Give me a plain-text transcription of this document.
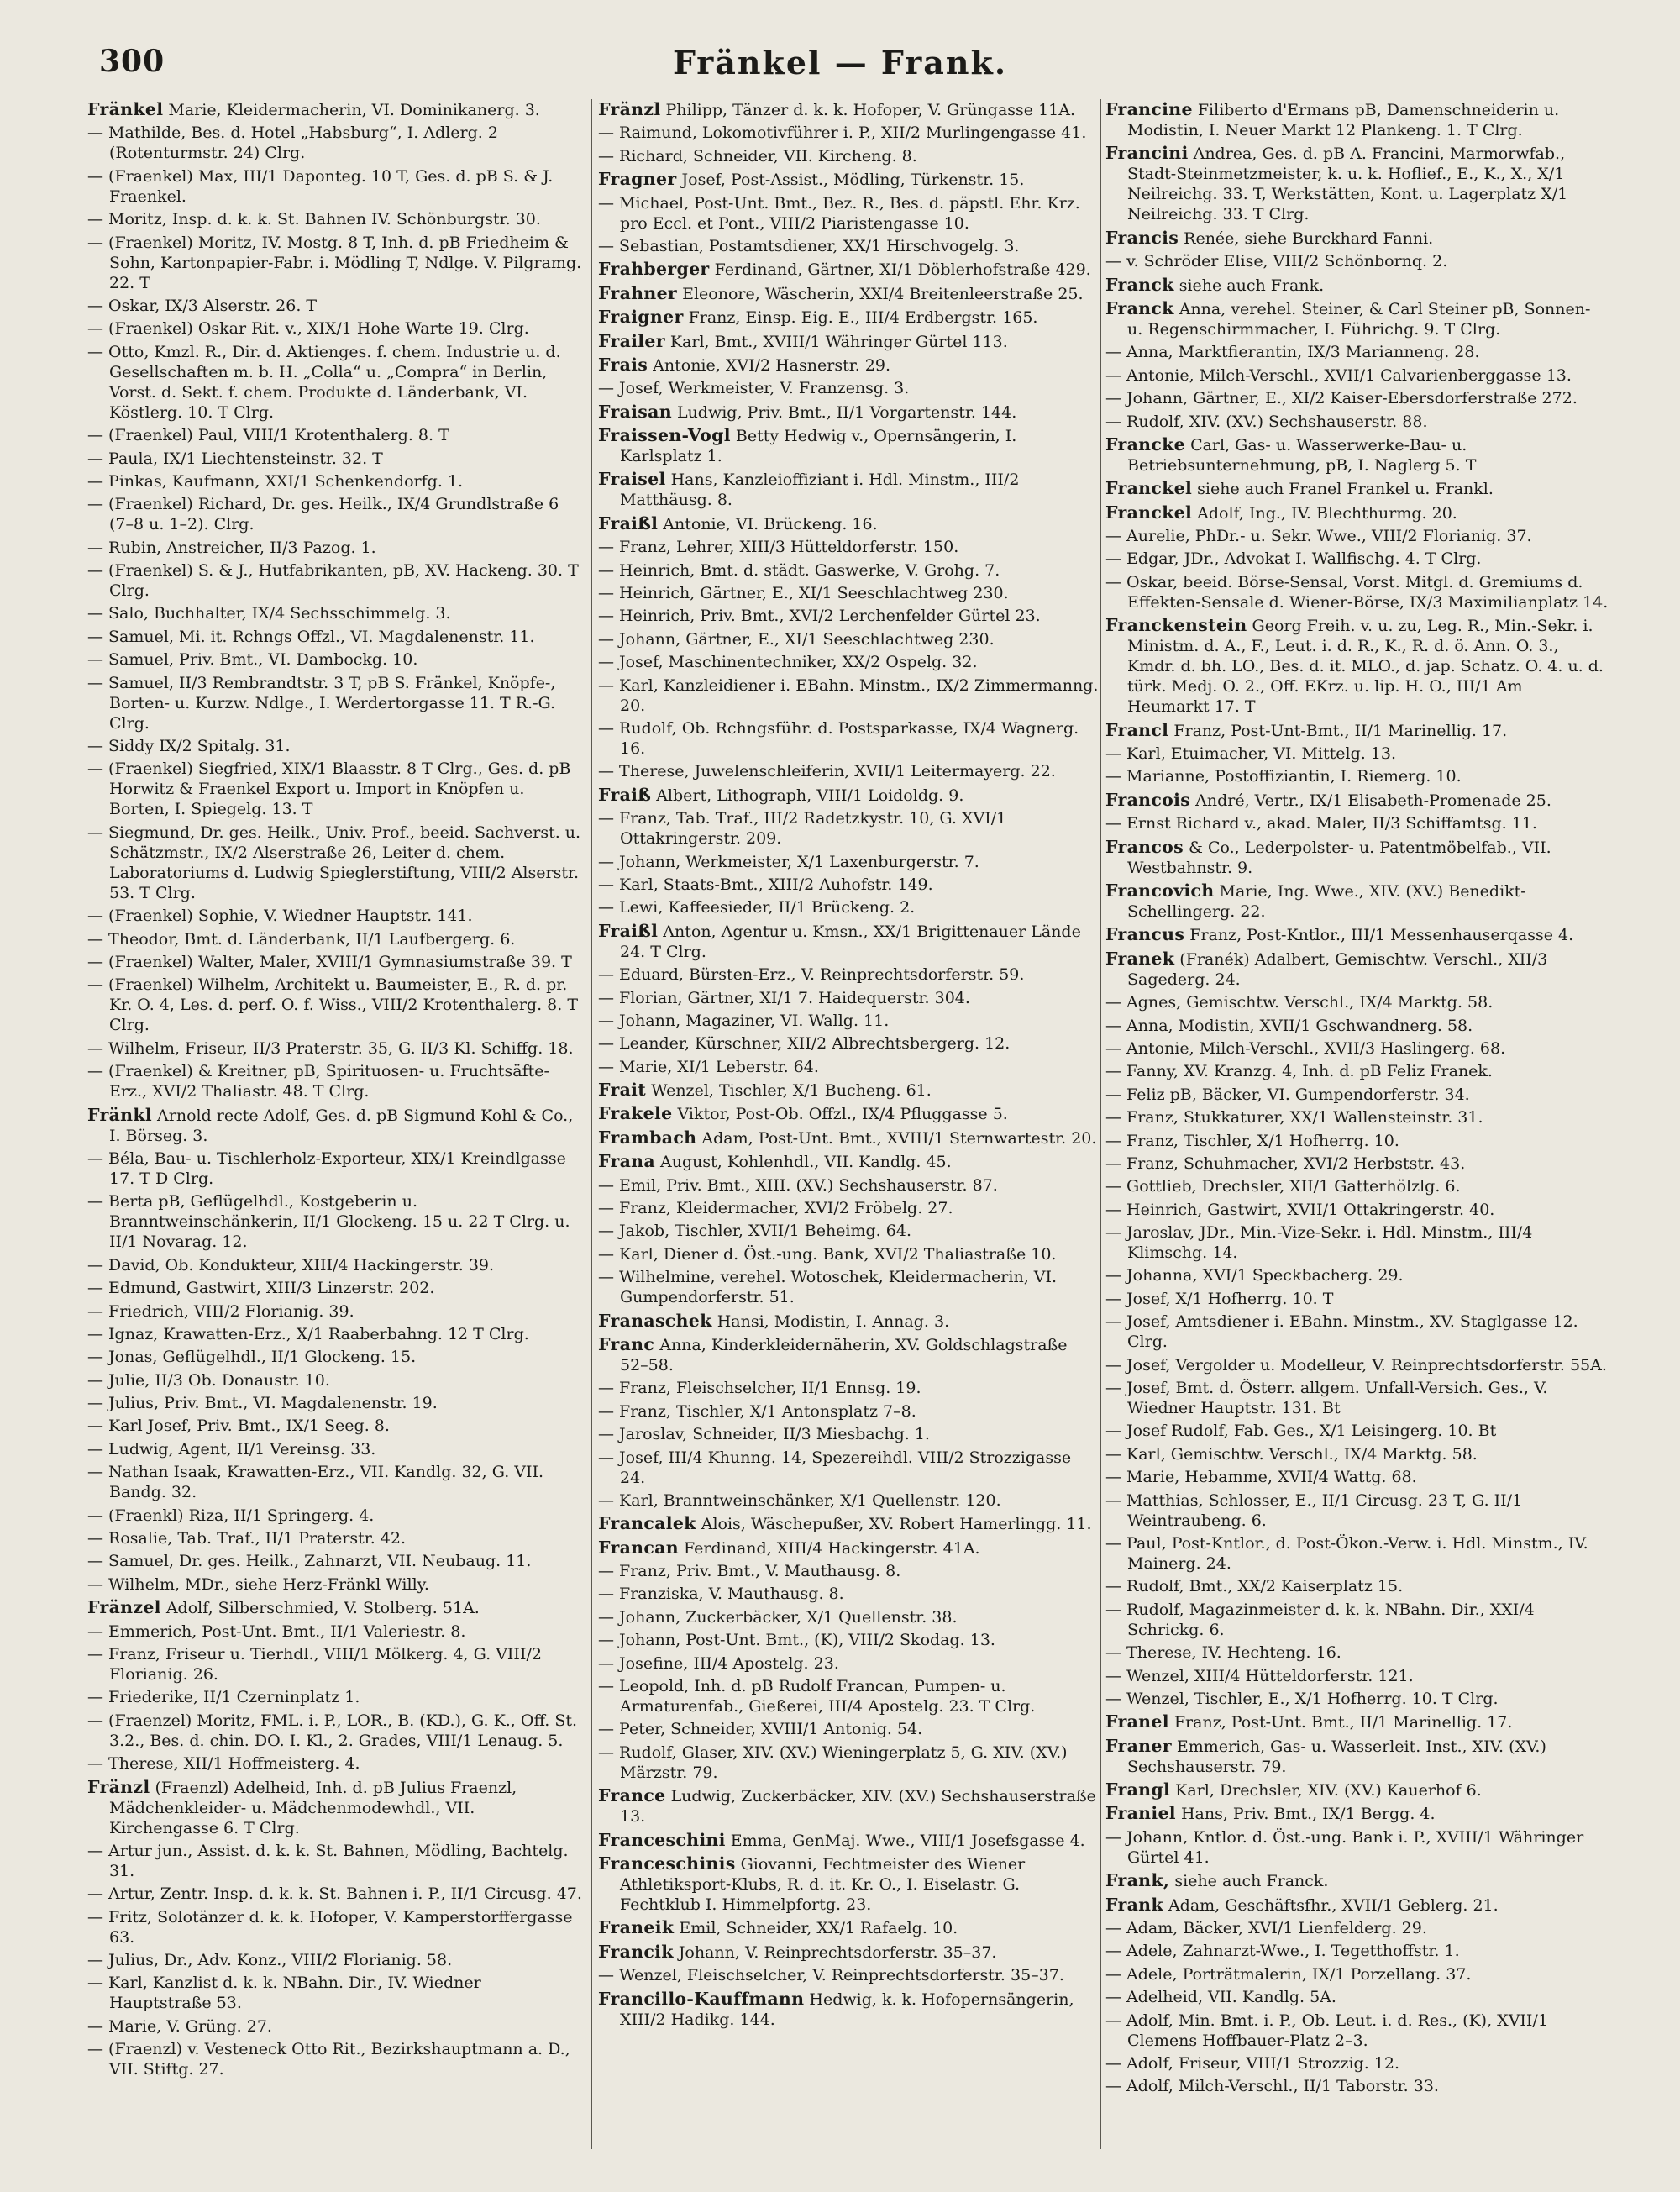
300	Fränkel — Frank.
Fränkel Marie, Kleidermacherin, VI. Dominikanerg. 3.
— Mathilde, Bes. d. Hotel „Habsburg“, I. Adlerg. 2 (Rotenturmstr. 24) Clrg.
— (Fraenkel) Max, III/1 Daponteg. 10 T, Ges. d. pB S. & J. Fraenkel.
— Moritz, Insp. d. k. k. St. Bahnen IV. Schönburgstr. 30.
— (Fraenkel) Moritz, IV. Mostg. 8 T, Inh. d. pB Friedheim & Sohn, Kartonpapier-Fabr. i. Mödling T, Ndlge. V. Pilgramg. 22. T
— Oskar, IX/3 Alserstr. 26. T
— (Fraenkel) Oskar Rit. v., XIX/1 Hohe Warte 19. Clrg.
— Otto, Kmzl. R., Dir. d. Aktienges. f. chem. Industrie u. d. Gesellschaften m. b. H. „Colla“ u. „Compra“ in Berlin, Vorst. d. Sekt. f. chem. Produkte d. Länderbank, VI. Köstlerg. 10. T Clrg.
— (Fraenkel) Paul, VIII/1 Krotenthalerg. 8. T
— Paula, IX/1 Liechtensteinstr. 32. T
— Pinkas, Kaufmann, XXI/1 Schenkendorfg. 1.
— (Fraenkel) Richard, Dr. ges. Heilk., IX/4 Grundlstraße 6 (7–8 u. 1–2). Clrg.
— Rubin, Anstreicher, II/3 Pazog. 1.
— (Fraenkel) S. & J., Hutfabrikanten, pB, XV. Hackeng. 30. T Clrg.
— Salo, Buchhalter, IX/4 Sechsschimmelg. 3.
— Samuel, Mi. it. Rchngs Offzl., VI. Magdalenenstr. 11.
— Samuel, Priv. Bmt., VI. Dambockg. 10.
— Samuel, II/3 Rembrandtstr. 3 T, pB S. Fränkel, Knöpfe-, Borten- u. Kurzw. Ndlge., I. Werdertorgasse 11. T R.-G. Clrg.
— Siddy IX/2 Spitalg. 31.
— (Fraenkel) Siegfried, XIX/1 Blaasstr. 8 T Clrg., Ges. d. pB Horwitz & Fraenkel Export u. Import in Knöpfen u. Borten, I. Spiegelg. 13. T
— Siegmund, Dr. ges. Heilk., Univ. Prof., beeid. Sachverst. u. Schätzmstr., IX/2 Alserstraße 26, Leiter d. chem. Laboratoriums d. Ludwig Spieglerstiftung, VIII/2 Alserstr. 53. T Clrg.
— (Fraenkel) Sophie, V. Wiedner Hauptstr. 141.
— Theodor, Bmt. d. Länderbank, II/1 Laufbergerg. 6.
— (Fraenkel) Walter, Maler, XVIII/1 Gymnasiumstraße 39. T
— (Fraenkel) Wilhelm, Architekt u. Baumeister, E., R. d. pr. Kr. O. 4, Les. d. perf. O. f. Wiss., VIII/2 Krotenthalerg. 8. T Clrg.
— Wilhelm, Friseur, II/3 Praterstr. 35, G. II/3 Kl. Schiffg. 18.
— (Fraenkel) & Kreitner, pB, Spirituosen- u. Fruchtsäfte-Erz., XVI/2 Thaliastr. 48. T Clrg.
Fränkl Arnold recte Adolf, Ges. d. pB Sigmund Kohl & Co., I. Börseg. 3.
— Béla, Bau- u. Tischlerholz-Exporteur, XIX/1 Kreindlgasse 17. T D Clrg.
— Berta pB, Geflügelhdl., Kostgeberin u. Branntweinschänkerin, II/1 Glockeng. 15 u. 22 T Clrg. u. II/1 Novarag. 12.
— David, Ob. Kondukteur, XIII/4 Hackingerstr. 39.
— Edmund, Gastwirt, XIII/3 Linzerstr. 202.
— Friedrich, VIII/2 Florianig. 39.
— Ignaz, Krawatten-Erz., X/1 Raaberbahng. 12 T Clrg.
— Jonas, Geflügelhdl., II/1 Glockeng. 15.
— Julie, II/3 Ob. Donaustr. 10.
— Julius, Priv. Bmt., VI. Magdalenenstr. 19.
— Karl Josef, Priv. Bmt., IX/1 Seeg. 8.
— Ludwig, Agent, II/1 Vereinsg. 33.
— Nathan Isaak, Krawatten-Erz., VII. Kandlg. 32, G. VII. Bandg. 32.
— (Fraenkl) Riza, II/1 Springerg. 4.
— Rosalie, Tab. Traf., II/1 Praterstr. 42.
— Samuel, Dr. ges. Heilk., Zahnarzt, VII. Neubaug. 11.
— Wilhelm, MDr., siehe Herz-Fränkl Willy.
Fränzel Adolf, Silberschmied, V. Stolberg. 51A.
— Emmerich, Post-Unt. Bmt., II/1 Valeriestr. 8.
— Franz, Friseur u. Tierhdl., VIII/1 Mölkerg. 4, G. VIII/2 Florianig. 26.
— Friederike, II/1 Czerninplatz 1.
— (Fraenzel) Moritz, FML. i. P., LOR., B. (KD.), G. K., Off. St. 3.2., Bes. d. chin. DO. I. Kl., 2. Grades, VIII/1 Lenaug. 5.
— Therese, XII/1 Hoffmeisterg. 4.
Fränzl (Fraenzl) Adelheid, Inh. d. pB Julius Fraenzl, Mädchenkleider- u. Mädchenmodewhdl., VII. Kirchengasse 6. T Clrg.
— Artur jun., Assist. d. k. k. St. Bahnen, Mödling, Bachtelg. 31.
— Artur, Zentr. Insp. d. k. k. St. Bahnen i. P., II/1 Circusg. 47.
— Fritz, Solotänzer d. k. k. Hofoper, V. Kamperstorffergasse 63.
— Julius, Dr., Adv. Konz., VIII/2 Florianig. 58.
— Karl, Kanzlist d. k. k. NBahn. Dir., IV. Wiedner Hauptstraße 53.
— Marie, V. Grüng. 27.
— (Fraenzl) v. Vesteneck Otto Rit., Bezirkshauptmann a. D., VII. Stiftg. 27.
Fränzl Philipp, Tänzer d. k. k. Hofoper, V. Grüngasse 11A.
— Raimund, Lokomotivführer i. P., XII/2 Murlingengasse 41.
— Richard, Schneider, VII. Kircheng. 8.
Fragner Josef, Post-Assist., Mödling, Türkenstr. 15.
— Michael, Post-Unt. Bmt., Bez. R., Bes. d. päpstl. Ehr. Krz. pro Eccl. et Pont., VIII/2 Piaristengasse 10.
— Sebastian, Postamtsdiener, XX/1 Hirschvogelg. 3.
Frahberger Ferdinand, Gärtner, XI/1 Döblerhofstraße 429.
Frahner Eleonore, Wäscherin, XXI/4 Breitenleerstraße 25.
Fraigner Franz, Einsp. Eig. E., III/4 Erdbergstr. 165.
Frailer Karl, Bmt., XVIII/1 Währinger Gürtel 113.
Frais Antonie, XVI/2 Hasnerstr. 29.
— Josef, Werkmeister, V. Franzensg. 3.
Fraisan Ludwig, Priv. Bmt., II/1 Vorgartenstr. 144.
Fraissen-Vogl Betty Hedwig v., Opernsängerin, I. Karlsplatz 1.
Fraisel Hans, Kanzleioffiziant i. Hdl. Minstm., III/2 Matthäusg. 8.
Fraißl Antonie, VI. Brückeng. 16.
— Franz, Lehrer, XIII/3 Hütteldorferstr. 150.
— Heinrich, Bmt. d. städt. Gaswerke, V. Grohg. 7.
— Heinrich, Gärtner, E., XI/1 Seeschlachtweg 230.
— Heinrich, Priv. Bmt., XVI/2 Lerchenfelder Gürtel 23.
— Johann, Gärtner, E., XI/1 Seeschlachtweg 230.
— Josef, Maschinentechniker, XX/2 Ospelg. 32.
— Karl, Kanzleidiener i. EBahn. Minstm., IX/2 Zimmermanng. 20.
— Rudolf, Ob. Rchngsführ. d. Postsparkasse, IX/4 Wagnerg. 16.
— Therese, Juwelenschleiferin, XVII/1 Leitermayerg. 22.
Fraiß Albert, Lithograph, VIII/1 Loidoldg. 9.
— Franz, Tab. Traf., III/2 Radetzkystr. 10, G. XVI/1 Ottakringerstr. 209.
— Johann, Werkmeister, X/1 Laxenburgerstr. 7.
— Karl, Staats-Bmt., XIII/2 Auhofstr. 149.
— Lewi, Kaffeesieder, II/1 Brückeng. 2.
Fraißl Anton, Agentur u. Kmsn., XX/1 Brigittenauer Lände 24. T Clrg.
— Eduard, Bürsten-Erz., V. Reinprechtsdorferstr. 59.
— Florian, Gärtner, XI/1 7. Haidequerstr. 304.
— Johann, Magaziner, VI. Wallg. 11.
— Leander, Kürschner, XII/2 Albrechtsbergerg. 12.
— Marie, XI/1 Leberstr. 64.
Frait Wenzel, Tischler, X/1 Bucheng. 61.
Frakele Viktor, Post-Ob. Offzl., IX/4 Pfluggasse 5.
Frambach Adam, Post-Unt. Bmt., XVIII/1 Sternwartestr. 20.
Frana August, Kohlenhdl., VII. Kandlg. 45.
— Emil, Priv. Bmt., XIII. (XV.) Sechshauserstr. 87.
— Franz, Kleidermacher, XVI/2 Fröbelg. 27.
— Jakob, Tischler, XVII/1 Beheimg. 64.
— Karl, Diener d. Öst.-ung. Bank, XVI/2 Thaliastraße 10.
— Wilhelmine, verehel. Wotoschek, Kleidermacherin, VI. Gumpendorferstr. 51.
Franaschek Hansi, Modistin, I. Annag. 3.
Franc Anna, Kinderkleidernäherin, XV. Goldschlagstraße 52–58.
— Franz, Fleischselcher, II/1 Ennsg. 19.
— Franz, Tischler, X/1 Antonsplatz 7–8.
— Jaroslav, Schneider, II/3 Miesbachg. 1.
— Josef, III/4 Khunng. 14, Spezereihdl. VIII/2 Strozzigasse 24.
— Karl, Branntweinschänker, X/1 Quellenstr. 120.
Francalek Alois, Wäschepußer, XV. Robert Hamerlingg. 11.
Francan Ferdinand, XIII/4 Hackingerstr. 41A.
— Franz, Priv. Bmt., V. Mauthausg. 8.
— Franziska, V. Mauthausg. 8.
— Johann, Zuckerbäcker, X/1 Quellenstr. 38.
— Johann, Post-Unt. Bmt., (K), VIII/2 Skodag. 13.
— Josefine, III/4 Apostelg. 23.
— Leopold, Inh. d. pB Rudolf Francan, Pumpen- u. Armaturenfab., Gießerei, III/4 Apostelg. 23. T Clrg.
— Peter, Schneider, XVIII/1 Antonig. 54.
— Rudolf, Glaser, XIV. (XV.) Wieningerplatz 5, G. XIV. (XV.) Märzstr. 79.
France Ludwig, Zuckerbäcker, XIV. (XV.) Sechshauserstraße 13.
Franceschini Emma, GenMaj. Wwe., VIII/1 Josefsgasse 4.
Franceschinis Giovanni, Fechtmeister des Wiener Athletiksport-Klubs, R. d. it. Kr. O., I. Eiselastr. G. Fechtklub I. Himmelpfortg. 23.
Franeik Emil, Schneider, XX/1 Rafaelg. 10.
Francik Johann, V. Reinprechtsdorferstr. 35–37.
— Wenzel, Fleischselcher, V. Reinprechtsdorferstr. 35–37.
Francillo-Kauffmann Hedwig, k. k. Hofopernsängerin, XIII/2 Hadikg. 144.
Francine Filiberto d'Ermans pB, Damenschneiderin u. Modistin, I. Neuer Markt 12 Plankeng. 1. T Clrg.
Francini Andrea, Ges. d. pB A. Francini, Marmorwfab., Stadt-Steinmetzmeister, k. u. k. Hoflief., E., K., X., X/1 Neilreichg. 33. T, Werkstätten, Kont. u. Lagerplatz X/1 Neilreichg. 33. T Clrg.
Francis Renée, siehe Burckhard Fanni.
— v. Schröder Elise, VIII/2 Schönbornq. 2.
Franck siehe auch Frank.
Franck Anna, verehel. Steiner, & Carl Steiner pB, Sonnen- u. Regenschirmmacher, I. Führichg. 9. T Clrg.
— Anna, Marktfierantin, IX/3 Marianneng. 28.
— Antonie, Milch-Verschl., XVII/1 Calvarienberggasse 13.
— Johann, Gärtner, E., XI/2 Kaiser-Ebersdorferstraße 272.
— Rudolf, XIV. (XV.) Sechshauserstr. 88.
Francke Carl, Gas- u. Wasserwerke-Bau- u. Betriebsunternehmung, pB, I. Naglerg 5. T
Franckel siehe auch Franel Frankel u. Frankl.
Franckel Adolf, Ing., IV. Blechthurmg. 20.
— Aurelie, PhDr.- u. Sekr. Wwe., VIII/2 Florianig. 37.
— Edgar, JDr., Advokat I. Wallfischg. 4. T Clrg.
— Oskar, beeid. Börse-Sensal, Vorst. Mitgl. d. Gremiums d. Effekten-Sensale d. Wiener-Börse, IX/3 Maximilianplatz 14.
Franckenstein Georg Freih. v. u. zu, Leg. R., Min.-Sekr. i. Ministm. d. A., F., Leut. i. d. R., K., R. d. ö. Ann. O. 3., Kmdr. d. bh. LO., Bes. d. it. MLO., d. jap. Schatz. O. 4. u. d. türk. Medj. O. 2., Off. EKrz. u. lip. H. O., III/1 Am Heumarkt 17. T
Francl Franz, Post-Unt-Bmt., II/1 Marinellig. 17.
— Karl, Etuimacher, VI. Mittelg. 13.
— Marianne, Postoffiziantin, I. Riemerg. 10.
Francois André, Vertr., IX/1 Elisabeth-Promenade 25.
— Ernst Richard v., akad. Maler, II/3 Schiffamtsg. 11.
Francos & Co., Lederpolster- u. Patentmöbelfab., VII. Westbahnstr. 9.
Francovich Marie, Ing. Wwe., XIV. (XV.) Benedikt-Schellingerg. 22.
Francus Franz, Post-Kntlor., III/1 Messenhauserqasse 4.
Franek (Franék) Adalbert, Gemischtw. Verschl., XII/3 Sagederg. 24.
— Agnes, Gemischtw. Verschl., IX/4 Marktg. 58.
— Anna, Modistin, XVII/1 Gschwandnerg. 58.
— Antonie, Milch-Verschl., XVII/3 Haslingerg. 68.
— Fanny, XV. Kranzg. 4, Inh. d. pB Feliz Franek.
— Feliz pB, Bäcker, VI. Gumpendorferstr. 34.
— Franz, Stukkaturer, XX/1 Wallensteinstr. 31.
— Franz, Tischler, X/1 Hofherrg. 10.
— Franz, Schuhmacher, XVI/2 Herbststr. 43.
— Gottlieb, Drechsler, XII/1 Gatterhölzlg. 6.
— Heinrich, Gastwirt, XVII/1 Ottakringerstr. 40.
— Jaroslav, JDr., Min.-Vize-Sekr. i. Hdl. Minstm., III/4 Klimschg. 14.
— Johanna, XVI/1 Speckbacherg. 29.
— Josef, X/1 Hofherrg. 10. T
— Josef, Amtsdiener i. EBahn. Minstm., XV. Staglgasse 12. Clrg.
— Josef, Vergolder u. Modelleur, V. Reinprechtsdorferstr. 55A.
— Josef, Bmt. d. Österr. allgem. Unfall-Versich. Ges., V. Wiedner Hauptstr. 131. Bt
— Josef Rudolf, Fab. Ges., X/1 Leisingerg. 10. Bt
— Karl, Gemischtw. Verschl., IX/4 Marktg. 58.
— Marie, Hebamme, XVII/4 Wattg. 68.
— Matthias, Schlosser, E., II/1 Circusg. 23 T, G. II/1 Weintraubeng. 6.
— Paul, Post-Kntlor., d. Post-Ökon.-Verw. i. Hdl. Minstm., IV. Mainerg. 24.
— Rudolf, Bmt., XX/2 Kaiserplatz 15.
— Rudolf, Magazinmeister d. k. k. NBahn. Dir., XXI/4 Schrickg. 6.
— Therese, IV. Hechteng. 16.
— Wenzel, XIII/4 Hütteldorferstr. 121.
— Wenzel, Tischler, E., X/1 Hofherrg. 10. T Clrg.
Franel Franz, Post-Unt. Bmt., II/1 Marinellig. 17.
Franer Emmerich, Gas- u. Wasserleit. Inst., XIV. (XV.) Sechshauserstr. 79.
Frangl Karl, Drechsler, XIV. (XV.) Kauerhof 6.
Franiel Hans, Priv. Bmt., IX/1 Bergg. 4.
— Johann, Kntlor. d. Öst.-ung. Bank i. P., XVIII/1 Währinger Gürtel 41.
Frank, siehe auch Franck.
Frank Adam, Geschäftsfhr., XVII/1 Geblerg. 21.
— Adam, Bäcker, XVI/1 Lienfelderg. 29.
— Adele, Zahnarzt-Wwe., I. Tegetthoffstr. 1.
— Adele, Porträtmalerin, IX/1 Porzellang. 37.
— Adelheid, VII. Kandlg. 5A.
— Adolf, Min. Bmt. i. P., Ob. Leut. i. d. Res., (K), XVII/1 Clemens Hoffbauer-Platz 2–3.
— Adolf, Friseur, VIII/1 Strozzig. 12.
— Adolf, Milch-Verschl., II/1 Taborstr. 33.
